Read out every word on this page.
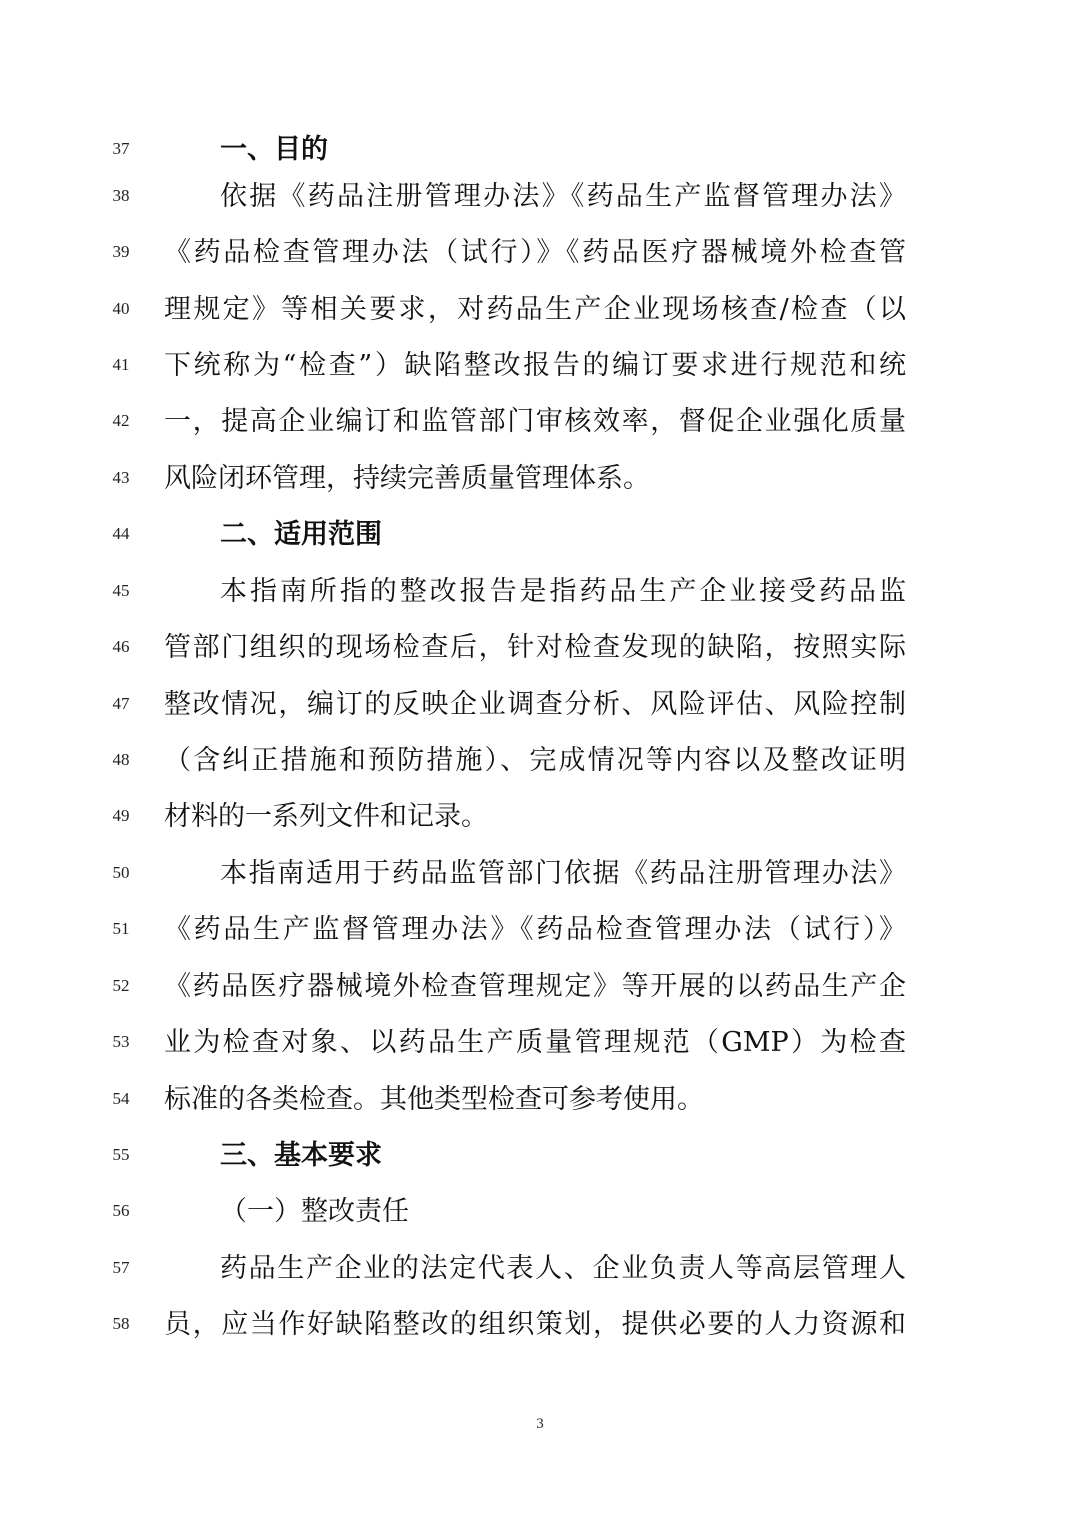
37	一、目的
38	依据《药品注册管理办法》《药品生产监督管理办法》
39	《药品检查管理办法（试行）》《药品医疗器械境外检查管
40	理规定》等相关要求，对药品生产企业现场核查/检查（以
41	下统称为“检查”）缺陷整改报告的编订要求进行规范和统
42	一，提高企业编订和监管部门审核效率，督促企业强化质量
43	风险闭环管理，持续完善质量管理体系。
44	二、适用范围
45	本指南所指的整改报告是指药品生产企业接受药品监
46	管部门组织的现场检查后，针对检查发现的缺陷，按照实际
47	整改情况，编订的反映企业调查分析、风险评估、风险控制
48	（含纠正措施和预防措施）、完成情况等内容以及整改证明
49	材料的一系列文件和记录。
50	本指南适用于药品监管部门依据《药品注册管理办法》
51	《药品生产监督管理办法》《药品检查管理办法（试行）》
52	《药品医疗器械境外检查管理规定》等开展的以药品生产企
53	业为检查对象、以药品生产质量管理规范（GMP）为检查
54	标准的各类检查。其他类型检查可参考使用。
55	三、基本要求
56	（一）整改责任
57	药品生产企业的法定代表人、企业负责人等高层管理人
58	员，应当作好缺陷整改的组织策划，提供必要的人力资源和
3
